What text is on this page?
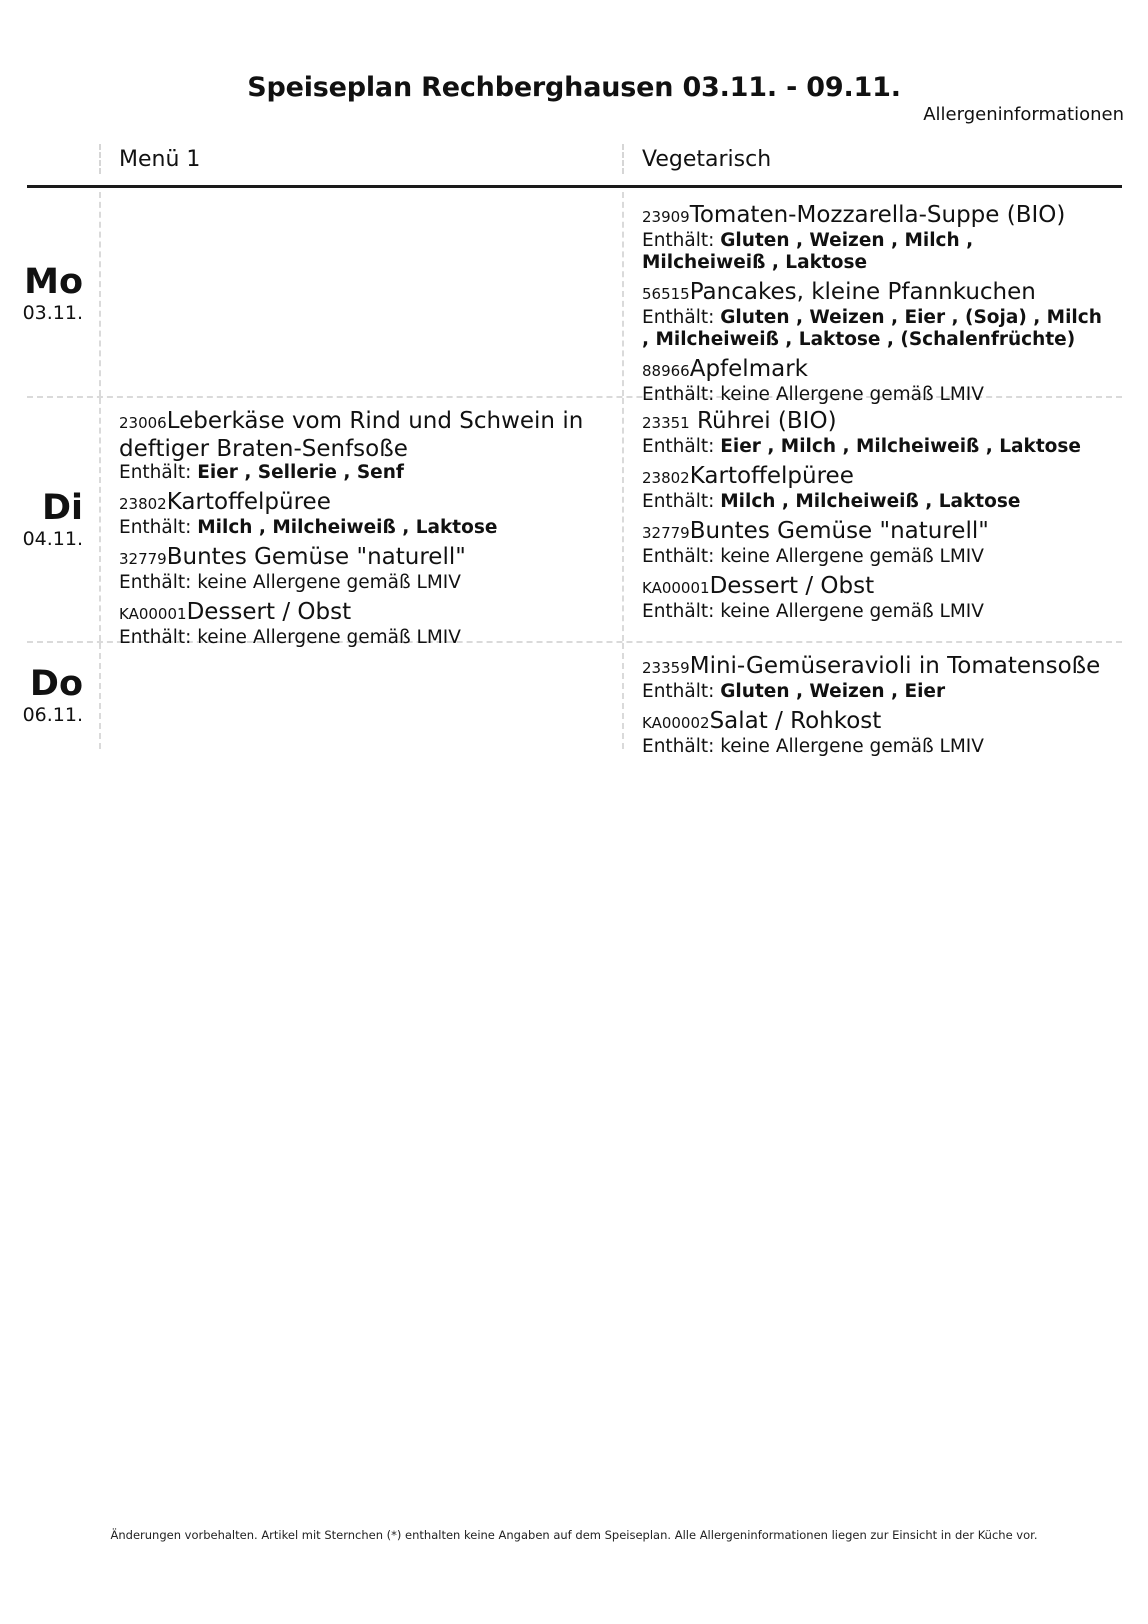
Speiseplan Rechberghausen 03.11. - 09.11.
Allergeninformationen
Menü 1	Vegetarisch
Mo
03.11.
23909Tomaten-Mozzarella-Suppe (BIO)
Enthält: Gluten , Weizen , Milch , Milcheiweiß , Laktose
56515Pancakes, kleine Pfannkuchen
Enthält: Gluten , Weizen , Eier , (Soja) , Milch , Milcheiweiß , Laktose , (Schalenfrüchte)
88966Apfelmark
Enthält: keine Allergene gemäß LMIV
Di
04.11.
23006Leberkäse vom Rind und Schwein in deftiger Braten-Senfsoße
Enthält: Eier , Sellerie , Senf
23802Kartoffelpüree
Enthält: Milch , Milcheiweiß , Laktose
32779Buntes Gemüse "naturell"
Enthält: keine Allergene gemäß LMIV
KA00001Dessert / Obst
Enthält: keine Allergene gemäß LMIV
23351 Rührei (BIO)
Enthält: Eier , Milch , Milcheiweiß , Laktose
23802Kartoffelpüree
Enthält: Milch , Milcheiweiß , Laktose
32779Buntes Gemüse "naturell"
Enthält: keine Allergene gemäß LMIV
KA00001Dessert / Obst
Enthält: keine Allergene gemäß LMIV
Do
06.11.
23359Mini-Gemüseravioli in Tomatensoße
Enthält: Gluten , Weizen , Eier
KA00002Salat / Rohkost
Enthält: keine Allergene gemäß LMIV
Änderungen vorbehalten. Artikel mit Sternchen (*) enthalten keine Angaben auf dem Speiseplan. Alle Allergeninformationen liegen zur Einsicht in der Küche vor.
